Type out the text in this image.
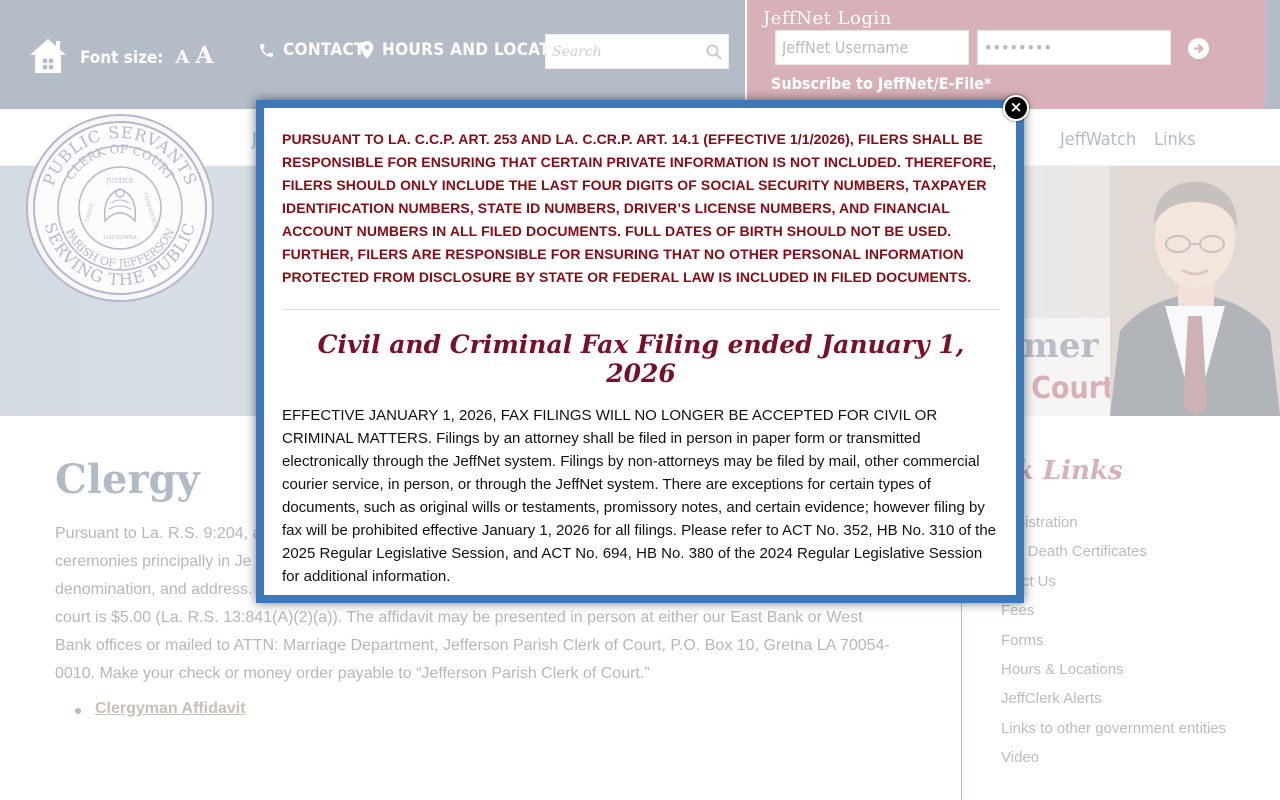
Search
JeffNet Username
••••••••

PURSUANT TO LA. C.C.P. ART. 253 AND LA. C.CR.P. ART. 14.1 (EFFECTIVE 1/1/2026), FILERS SHALL BE RESPONSIBLE FOR ENSURING THAT CERTAIN PRIVATE INFORMATION IS NOT INCLUDED. THEREFORE, FILERS SHOULD ONLY INCLUDE THE LAST FOUR DIGITS OF SOCIAL SECURITY NUMBERS, TAXPAYER IDENTIFICATION NUMBERS, STATE ID NUMBERS, DRIVER’S LICENSE NUMBERS, AND FINANCIAL ACCOUNT NUMBERS IN ALL FILED DOCUMENTS. FULL DATES OF BIRTH SHOULD NOT BE USED. FURTHER, FILERS ARE RESPONSIBLE FOR ENSURING THAT NO OTHER PERSONAL INFORMATION PROTECTED FROM DISCLOSURE BY STATE OR FEDERAL LAW IS INCLUDED IN FILED DOCUMENTS.
Civil and Criminal Fax Filing ended January 1, 2026
EFFECTIVE JANUARY 1, 2026, FAX FILINGS WILL NO LONGER BE ACCEPTED FOR CIVIL OR CRIMINAL MATTERS. Filings by an attorney shall be filed in person in paper form or transmitted electronically through the JeffNet system. Filings by non-attorneys may be filed by mail, other commercial courier service, in person, or through the JeffNet system. There are exceptions for certain types of documents, such as original wills or testaments, promissory notes, and certain evidence; however filing by fax will be prohibited effective January 1, 2026 for all filings. Please refer to ACT No. 352, HB No. 310 of the 2025 Regular Legislative Session, and ACT No. 694, HB No. 380 of the 2024 Regular Legislative Session for additional information.
×
